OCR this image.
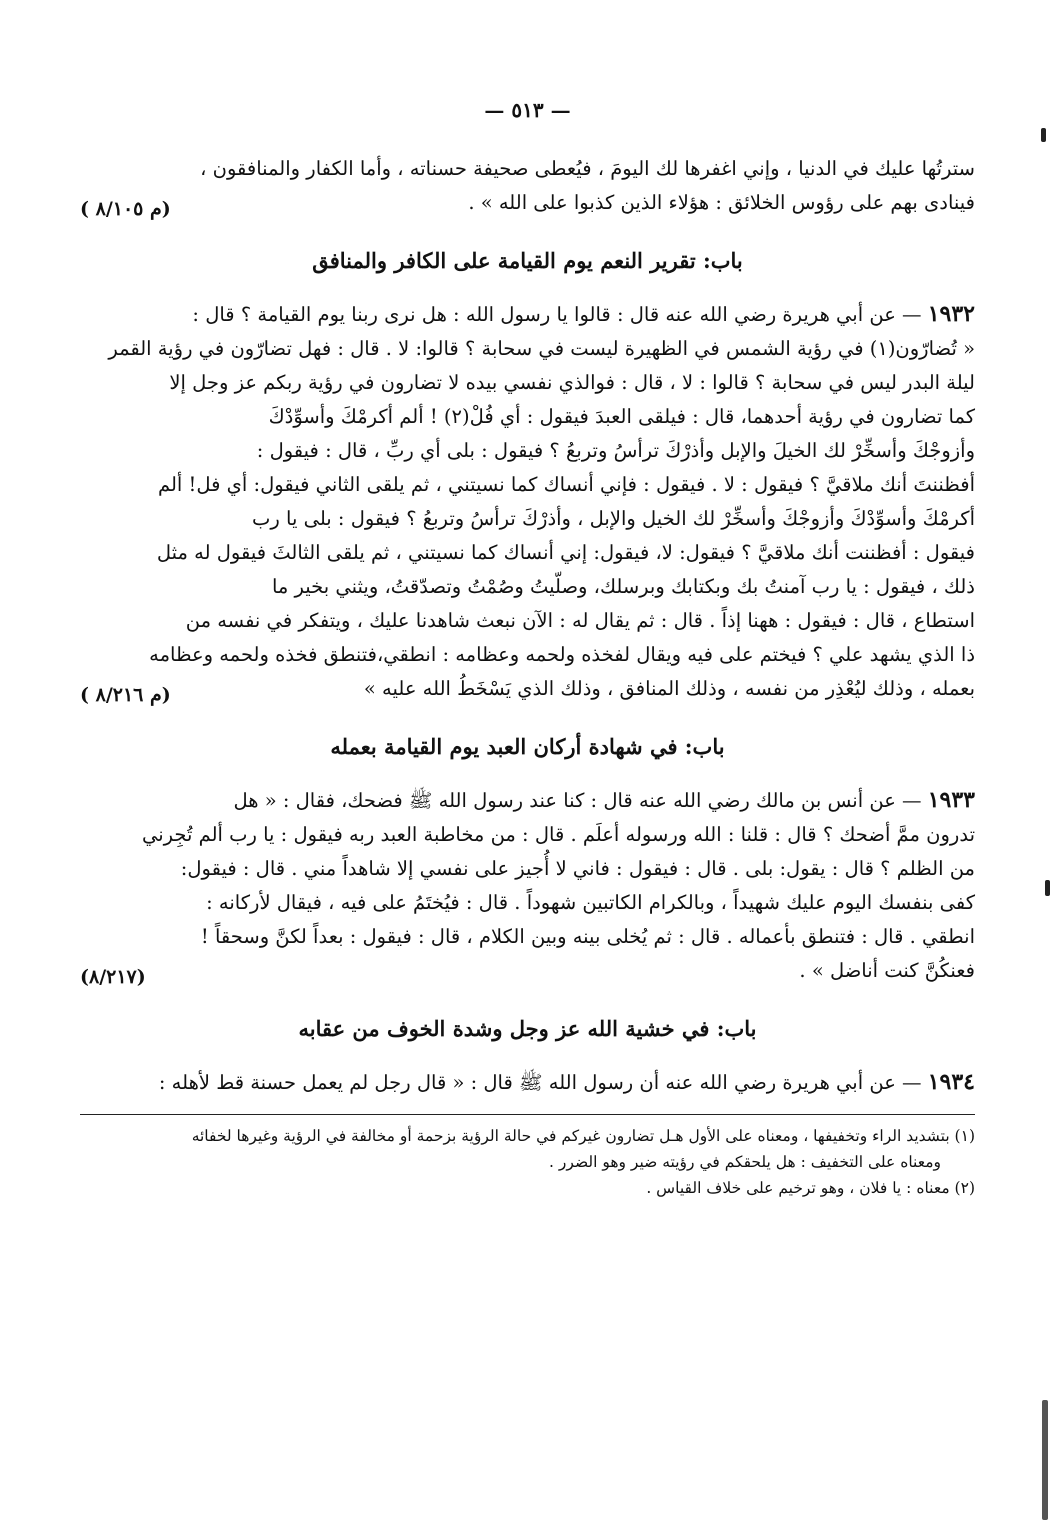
— ٥١٣ —

سترتُها عليك في الدنيا ، وإني اغفرها لك اليومَ ، فيُعطى صحيفة حسناته ، وأما الكفار والمنافقون ،

فينادى بهم على رؤوس الخلائق : هؤلاء الذين كذبوا على الله » .

( م ٨/١٠٥)
باب: تقرير النعم يوم القيامة على الكافر والمنافق

١٩٣٢ — عن أبي هريرة رضي الله عنه قال : قالوا يا رسول الله : هل نرى ربنا يوم القيامة ؟ قال :

« تُضارّون(١) في رؤية الشمس في الظهيرة ليست في سحابة ؟ قالوا: لا . قال : فهل تضارّون في رؤية القمر

ليلة البدر ليس في سحابة ؟ قالوا : لا ، قال : فوالذي نفسي بيده لا تضارون في رؤية ربكم عز وجل إلا

كما تضارون في رؤية أحدهما، قال : فيلقى العبدَ فيقول : أي فُلْ(٢) ! ألم أكرمْكَ وأسوِّدْكَ

وأزوجْكَ وأسخِّرْ لك الخيلَ والإبل وأذرْكَ ترأسُ وتربعُ ؟ فيقول : بلى أي ربِّ ، قال : فيقول :

أفظننتَ أنك ملاقيَّ ؟ فيقول : لا . فيقول : فإني أنساك كما نسيتني ، ثم يلقى الثاني فيقول: أي فل! ألم

أكرمْكَ وأسوِّدْكَ وأزوجْكَ وأسخِّرْ لك الخيل والإبل ، وأذرْكَ ترأسُ وتربعُ ؟ فيقول : بلى يا رب

فيقول : أفظننت أنك ملاقيَّ ؟ فيقول: لا، فيقول: إني أنساك كما نسيتني ، ثم يلقى الثالثَ فيقول له مثل

ذلك ، فيقول : يا رب آمنتُ بك وبكتابك وبرسلك، وصلّيتُ وصُمْتُ وتصدّقتُ، ويثني بخير ما

استطاع ، قال : فيقول : ههنا إذاً . قال : ثم يقال له : الآن نبعث شاهدنا عليك ، ويتفكر في نفسه من

ذا الذي يشهد علي ؟ فيختم على فيه ويقال لفخذه ولحمه وعظامه : انطقي،فتنطق فخذه ولحمه وعظامه

بعمله ، وذلك ليُعْذِر من نفسه ، وذلك المنافق ، وذلك الذي يَسْخَطُ الله عليه »

( م ٨/٢١٦)
باب: في شهادة أركان العبد يوم القيامة بعمله

١٩٣٣ — عن أنس بن مالك رضي الله عنه قال : كنا عند رسول الله ﷺ فضحك، فقال : « هل

تدرون ممَّ أضحك ؟ قال : قلنا : الله ورسوله أعلَم . قال : من مخاطبة العبد ربه فيقول : يا رب ألم تُجِرني

من الظلم ؟ قال : يقول: بلى . قال : فيقول : فاني لا أُجيز على نفسي إلا شاهداً مني . قال : فيقول:

كفى بنفسك اليوم عليك شهيداً ، وبالكرام الكاتبين شهوداً . قال : فيُختَمُ على فيه ، فيقال لأركانه :

انطقي . قال : فتنطق بأعماله . قال : ثم يُخلى بينه وبين الكلام ، قال : فيقول : بعداً لكنَّ وسحقاً !

فعنكُنَّ كنت أناضل » .

(٨/٢١٧)
باب: في خشية الله عز وجل وشدة الخوف من عقابه

١٩٣٤ — عن أبي هريرة رضي الله عنه أن رسول الله ﷺ قال : « قال رجل لم يعمل حسنة قط لأهله :

(١) بتشديد الراء وتخفيفها ، ومعناه على الأول هـل تضارون غيركم في حالة الرؤية بزحمة أو مخالفة في الرؤية وغيرها لخفائه

ومعناه على التخفيف : هل يلحقكم في رؤيته ضير وهو الضرر .

(٢) معناه : يا فلان ، وهو ترخيم على خلاف القياس .
